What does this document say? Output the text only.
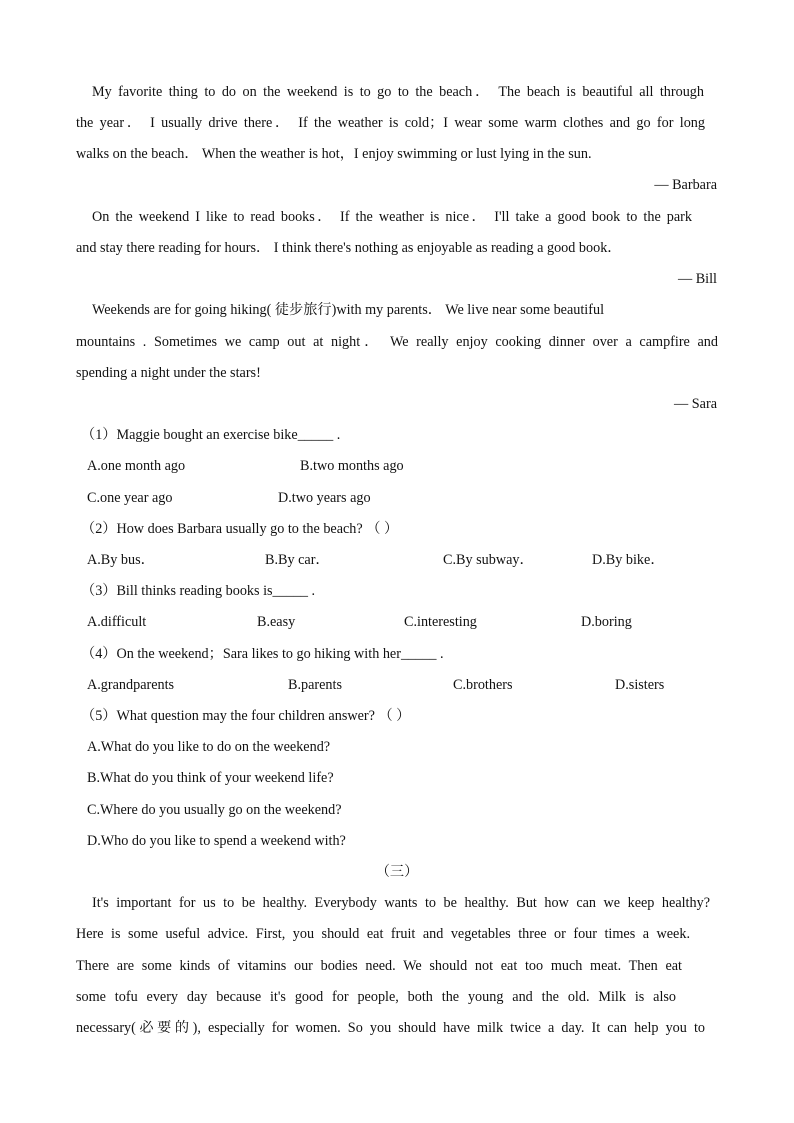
My favorite thing to do on the weekend is to go to the beach． The beach is beautiful all through
the year． I usually drive there． If the weather is cold；I wear some warm clothes and go for long
walks on the beach． When the weather is hot，I enjoy swimming or lust lying in the sun.
— Barbara
On the weekend I like to read books． If the weather is nice． I'll take a good book to the park
and stay there reading for hours． I think there's nothing as enjoyable as reading a good book．
— Bill
Weekends are for going hiking( 徒步旅行)with my parents． We live near some beautiful
mountains . Sometimes we camp out at night． We really enjoy cooking dinner over a campfire and
spending a night under the stars!
— Sara
（1）Maggie bought an exercise bike_____ .
A.one month ago	B.two months ago
C.one year ago	D.two years ago
（2）How does Barbara usually go to the beach? （ ）
A.By bus．	B.By car．	C.By subway．	D.By bike．
（3）Bill thinks reading books is_____ .
A.difficult	B.easy	C.interesting	D.boring
（4）On the weekend；Sara likes to go hiking with her_____ .
A.grandparents	B.parents	C.brothers	D.sisters
（5）What question may the four children answer? （ ）
A.What do you like to do on the weekend?
B.What do you think of your weekend life?
C.Where do you usually go on the weekend?
D.Who do you like to spend a weekend with?
（三）
It's important for us to be healthy. Everybody wants to be healthy. But how can we keep healthy?
Here is some useful advice. First, you should eat fruit and vegetables three or four times a week.
There are some kinds of vitamins our bodies need. We should not eat too much meat. Then eat
some tofu every day because it's good for people, both the young and the old. Milk is also
necessary(必要的), especially for women. So you should have milk twice a day. It can help you to
